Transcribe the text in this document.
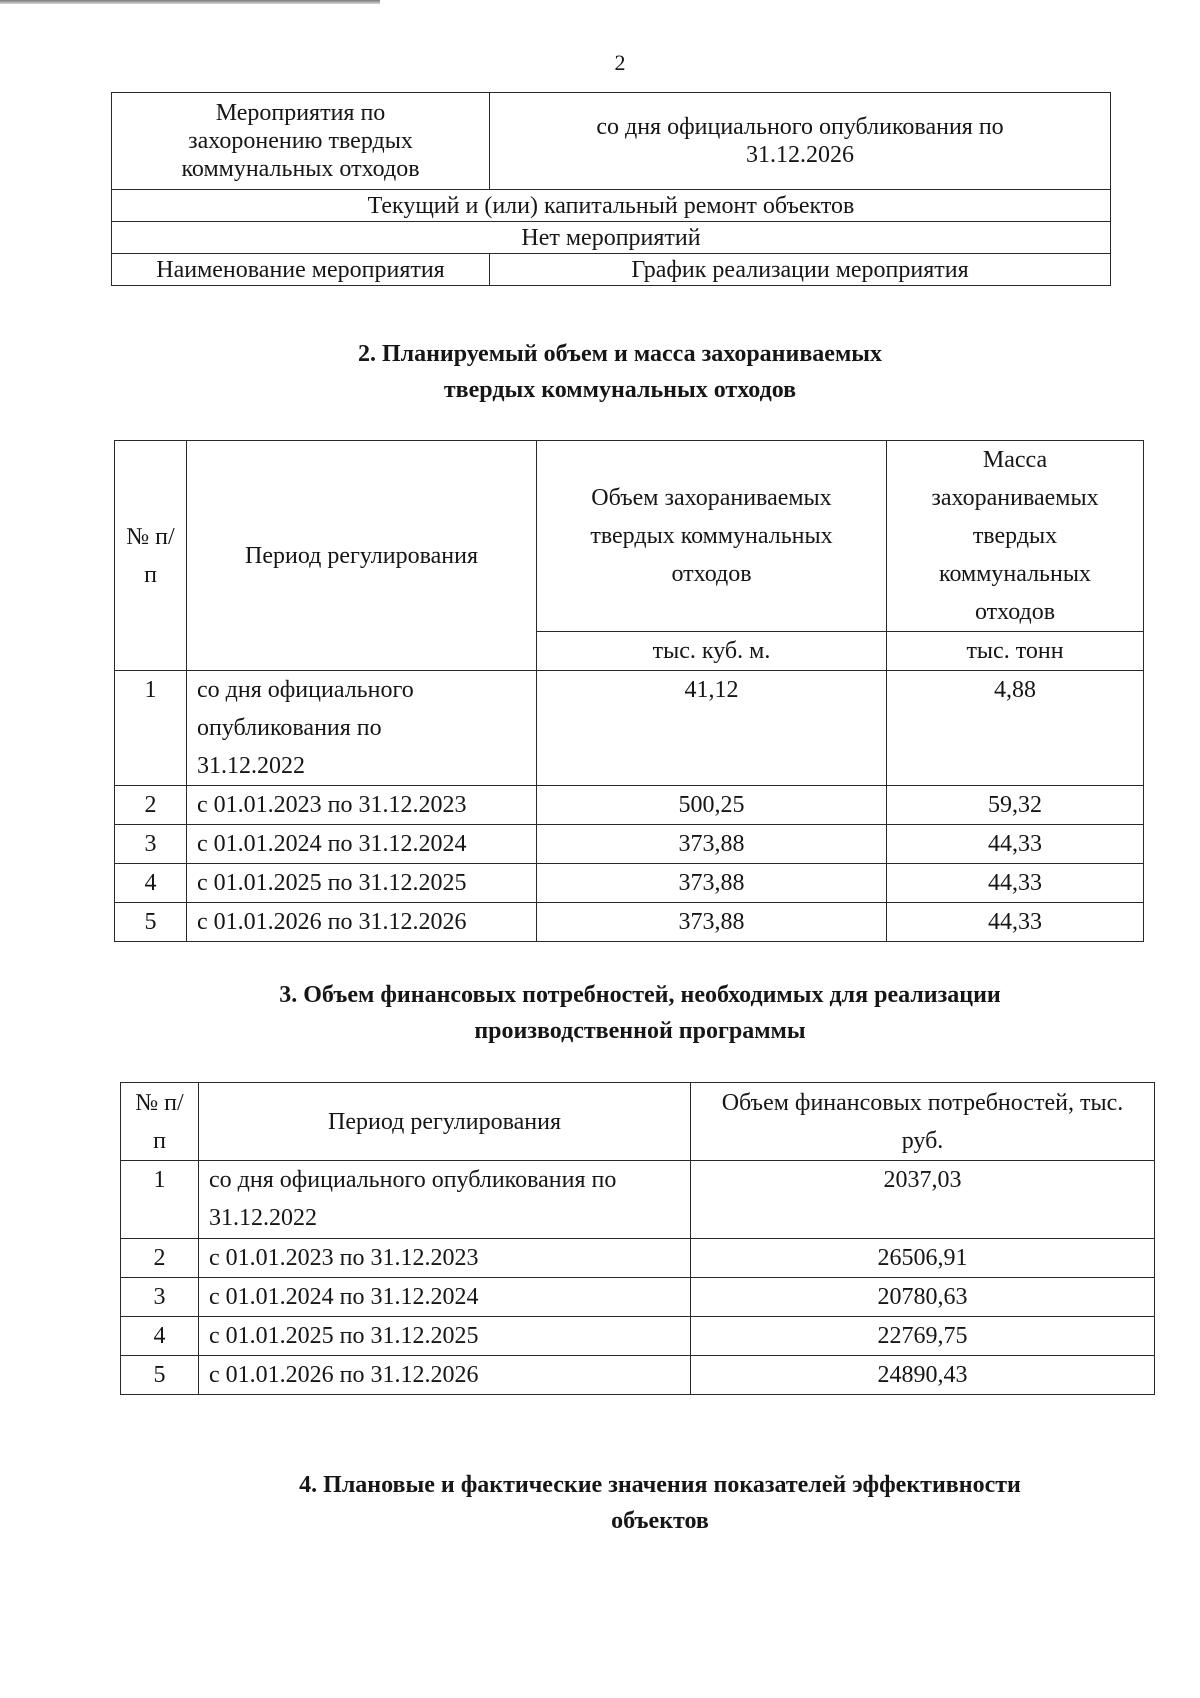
2
Мероприятия по захоронению твердых коммунальных отходов	со дня официального опубликования по 31.12.2026
Текущий и (или) капитальный ремонт объектов	
Нет мероприятий	
Наименование мероприятия	График реализации мероприятия
2. Планируемый объем и масса захораниваемых твердых коммунальных отходов
№ п/п	Период регулирования	Объем захораниваемых твердых коммунальных отходов	Масса захораниваемых твердых коммунальных отходов
		тыс. куб. м.	тыс. тонн
1	со дня официального опубликования по 31.12.2022	41,12	4,88
2	с 01.01.2023 по 31.12.2023	500,25	59,32
3	с 01.01.2024 по 31.12.2024	373,88	44,33
4	с 01.01.2025 по 31.12.2025	373,88	44,33
5	с 01.01.2026 по 31.12.2026	373,88	44,33
3. Объем финансовых потребностей, необходимых для реализации производственной программы
№ п/п	Период регулирования	Объем финансовых потребностей, тыс. руб.
1	со дня официального опубликования по 31.12.2022	2037,03
2	с 01.01.2023 по 31.12.2023	26506,91
3	с 01.01.2024 по 31.12.2024	20780,63
4	с 01.01.2025 по 31.12.2025	22769,75
5	с 01.01.2026 по 31.12.2026	24890,43
4. Плановые и фактические значения показателей эффективности объектов
